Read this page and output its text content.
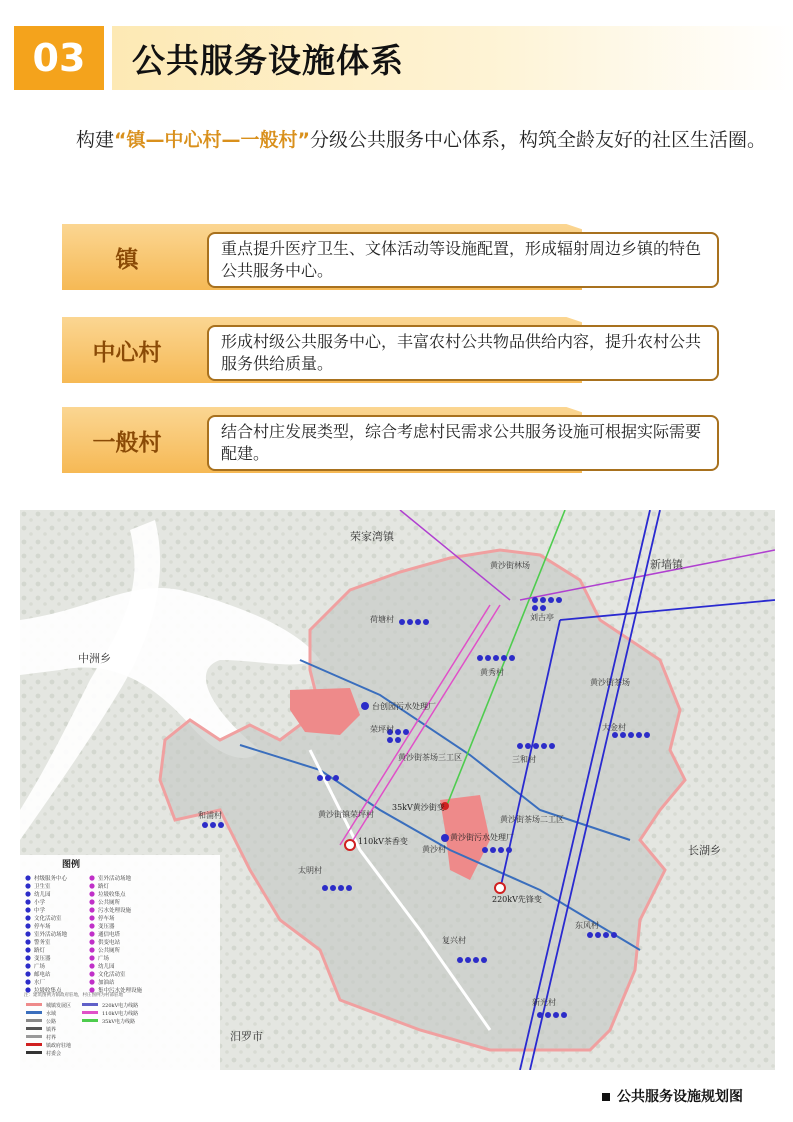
03	公共服务设施体系
构建“镇—中心村—一般村”分级公共服务中心体系，构筑全龄友好的社区生活圈。
镇	重点提升医疗卫生、文体活动等设施配置，形成辐射周边乡镇的特色公共服务中心。
中心村	形成村级公共服务中心，丰富农村公共物品供给内容，提升农村公共服务供给质量。
一般村	结合村庄发展类型，综合考虑村民需求公共服务设施可根据实际需要配建。
荣家湾镇
新墙镇
中洲乡
长湖乡
汨罗市
荷塘村
黄秀村
刘古亭
荣坪村
黄沙街茶场三工区	三和村
大金村
和浦村	黄沙街镇荣坪村
黄沙村
太明村
复兴村
东风村
新光村
黄沙街林场
黄沙街茶场
黄沙街茶场二工区
台创园污水处理厂
35kV黄沙街变
110kV茶香变	黄沙街污水处理厂
220kV先锋变
图例
村级服务中心
卫生室
幼儿园
小学
中学
文化活动室
停车场
室外活动场地
警务室
路灯
变压器
广场
邮电站
水厂
垃圾收集点
室外活动场地
路灯
垃圾收集点
公共厕所
污水处理设施
停车场
变压器
通信电塔
供变电站
公共厕所
广场
幼儿园
文化活动室
加油站
集中污水处理设施
注：建筑图例为镇政府驻地，村庄图例为村部驻地
城镇发展区
水域
公路
镇界
村界
镇政府驻地
村委会
220kV电力线路
110kV电力线路
35kV电力线路
公共服务设施规划图
